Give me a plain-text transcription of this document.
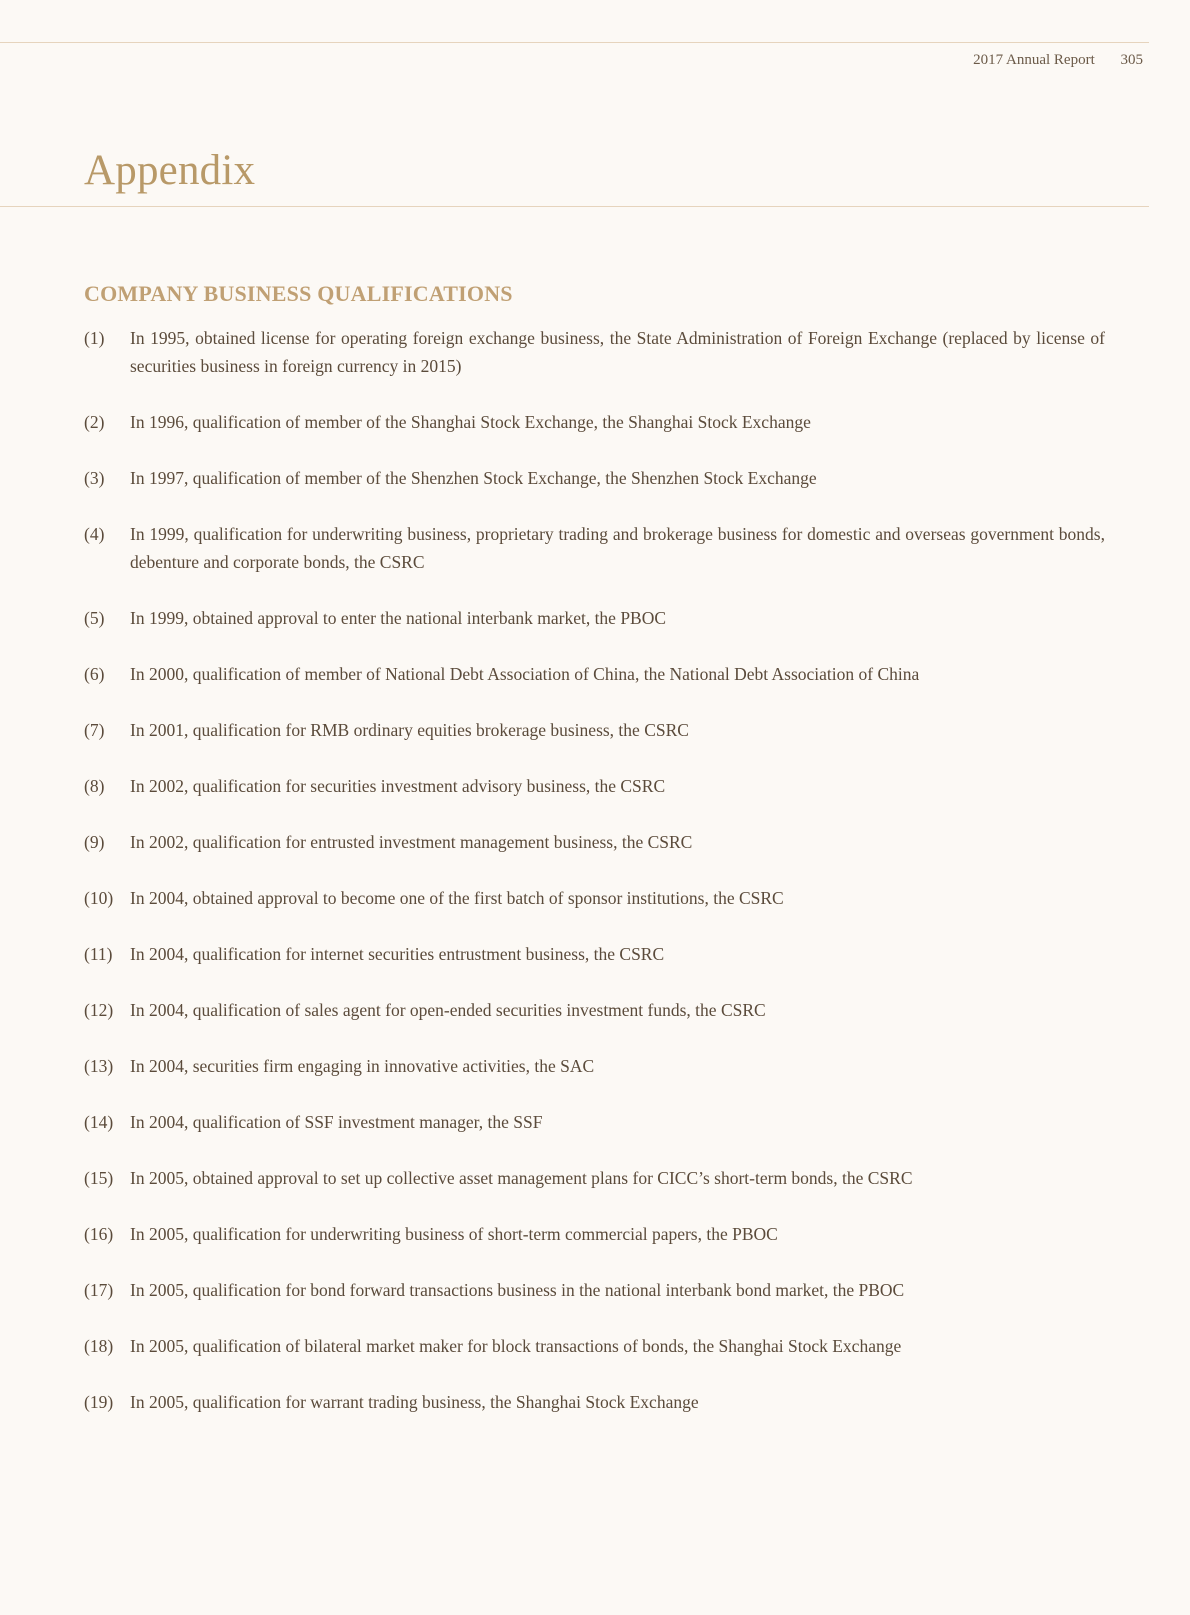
2017 Annual Report 305
Appendix
COMPANY BUSINESS QUALIFICATIONS
(1)	In 1995, obtained license for operating foreign exchange business, the State Administration of Foreign Exchange (replaced by license of securities business in foreign currency in 2015)
(2)	In 1996, qualification of member of the Shanghai Stock Exchange, the Shanghai Stock Exchange
(3)	In 1997, qualification of member of the Shenzhen Stock Exchange, the Shenzhen Stock Exchange
(4)	In 1999, qualification for underwriting business, proprietary trading and brokerage business for domestic and overseas government bonds, debenture and corporate bonds, the CSRC
(5)	In 1999, obtained approval to enter the national interbank market, the PBOC
(6)	In 2000, qualification of member of National Debt Association of China, the National Debt Association of China
(7)	In 2001, qualification for RMB ordinary equities brokerage business, the CSRC
(8)	In 2002, qualification for securities investment advisory business, the CSRC
(9)	In 2002, qualification for entrusted investment management business, the CSRC
(10) In 2004, obtained approval to become one of the first batch of sponsor institutions, the CSRC
(11) In 2004, qualification for internet securities entrustment business, the CSRC
(12) In 2004, qualification of sales agent for open-ended securities investment funds, the CSRC
(13) In 2004, securities firm engaging in innovative activities, the SAC
(14) In 2004, qualification of SSF investment manager, the SSF
(15) In 2005, obtained approval to set up collective asset management plans for CICC’s short-term bonds, the CSRC
(16) In 2005, qualification for underwriting business of short-term commercial papers, the PBOC
(17) In 2005, qualification for bond forward transactions business in the national interbank bond market, the PBOC
(18) In 2005, qualification of bilateral market maker for block transactions of bonds, the Shanghai Stock Exchange
(19) In 2005, qualification for warrant trading business, the Shanghai Stock Exchange
